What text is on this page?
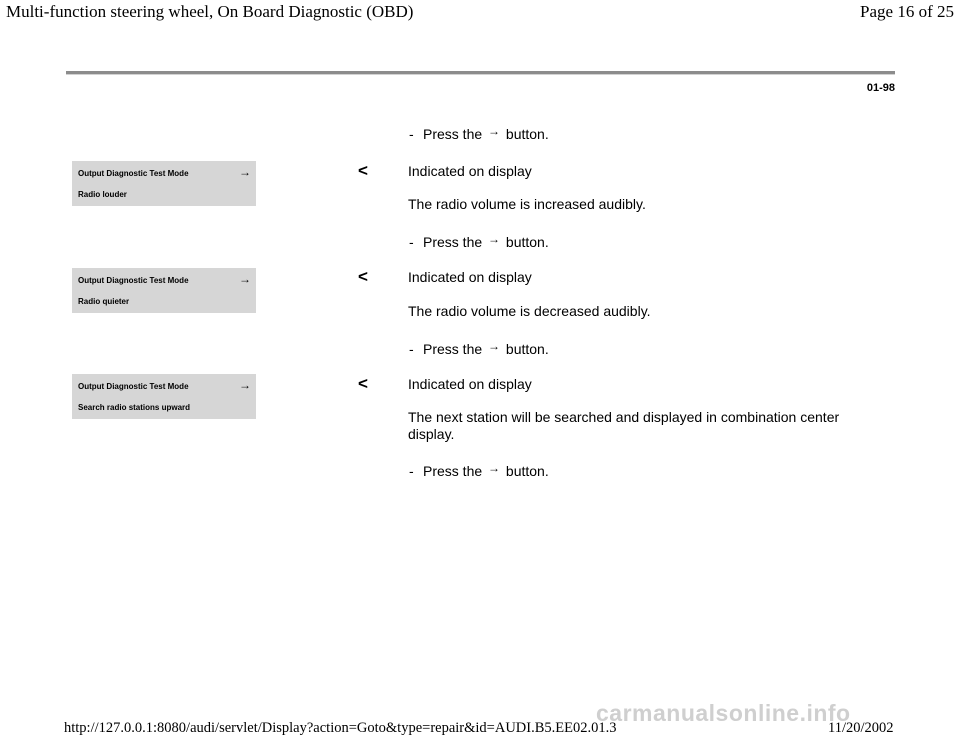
Multi-function steering wheel, On Board Diagnostic (OBD)	Page 16 of 25
01-98
- Press the → button.
Output Diagnostic Test Mode	→
Radio louder
<	Indicated on display
The radio volume is increased audibly.
- Press the → button.
Output Diagnostic Test Mode	→
Radio quieter
<	Indicated on display
The radio volume is decreased audibly.
- Press the → button.
Output Diagnostic Test Mode	→
Search radio stations upward
<	Indicated on display
The next station will be searched and displayed in combination center display.
- Press the → button.
carmanualsonline.info
http://127.0.0.1:8080/audi/servlet/Display?action=Goto&type=repair&id=AUDI.B5.EE02.01.3	11/20/2002
